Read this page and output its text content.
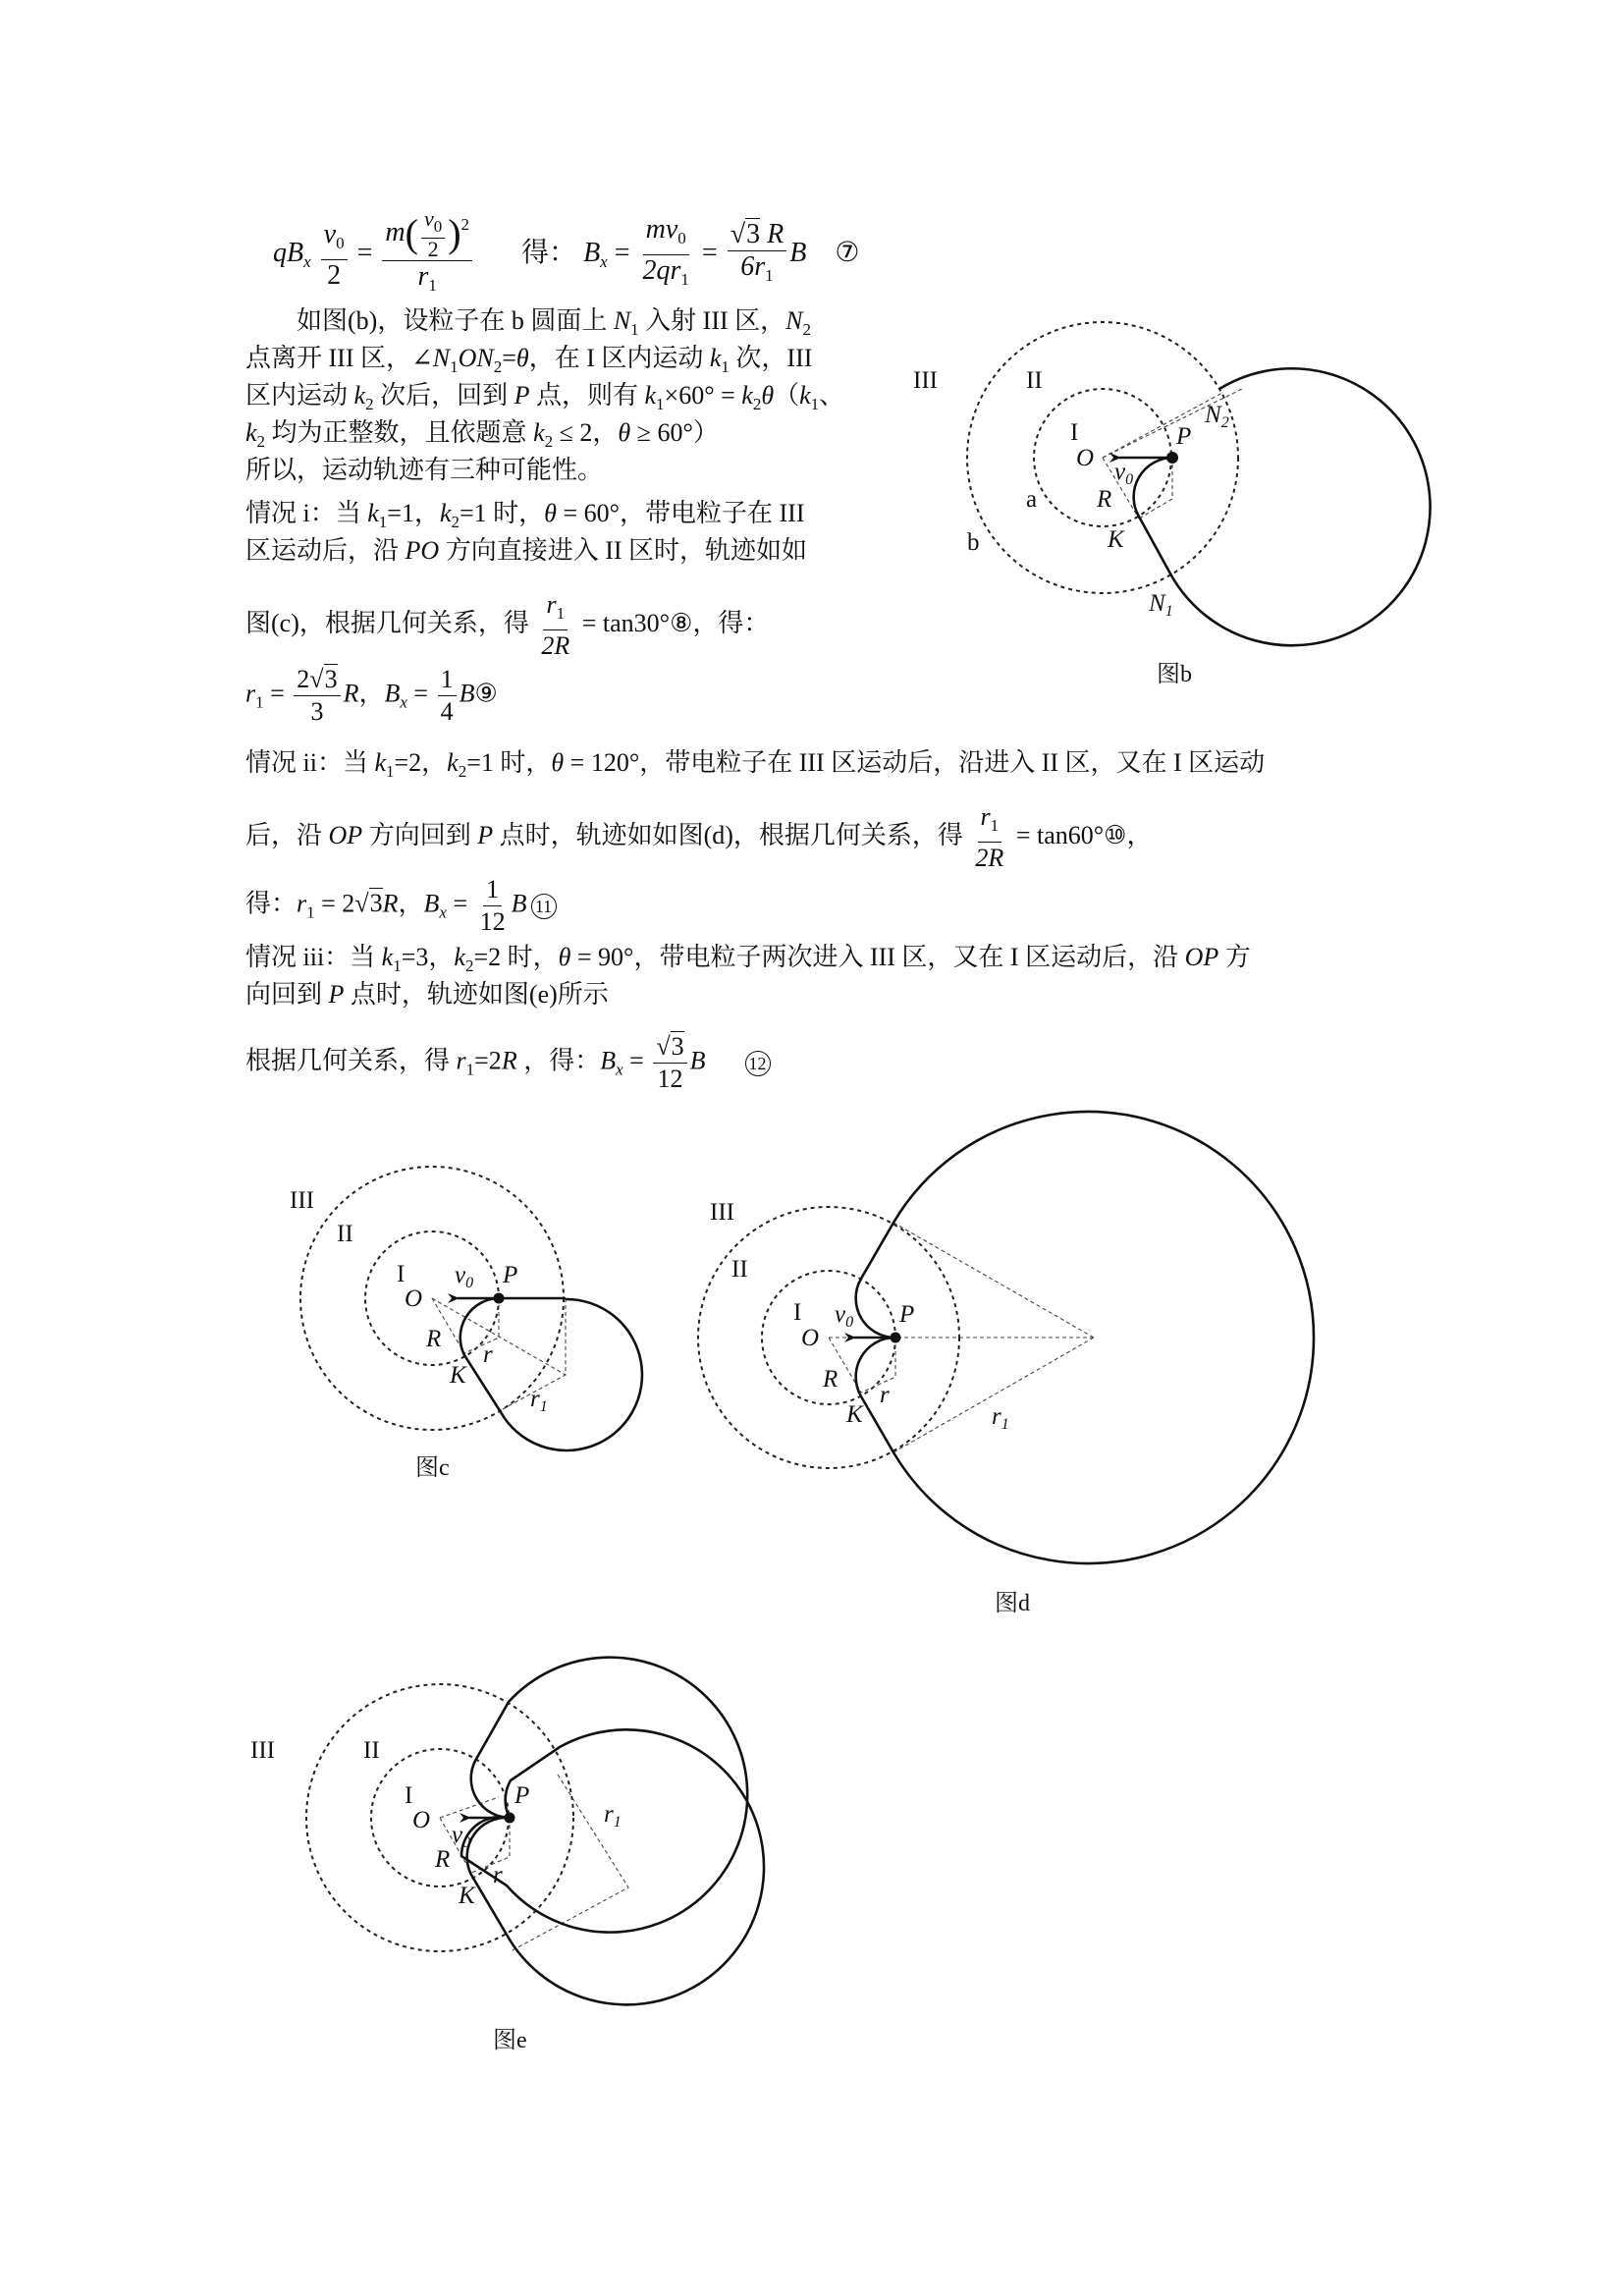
$qB_x \frac{v_0}{2} = \frac{m( \frac{v_0}{2} )^2}{r_1}$ 得： $B_x = \frac{mv_0}{2qr_1} = \frac{√3 R}{6r_1}$ B ⑦
如图(b)，设粒子在 b 圆面上 $N_1$ 入射 III 区，$N_2$
点离开 III 区，$\angle N_1ON_2=\theta$，在 I 区内运动 $k_1$ 次，III
区内运动 $k_2$ 次后，回到 P 点，则有 $k_1\times 60^\circ = k_2\theta(k_1$、
$k_2$ 均为正整数，且依题意 $k_2 \le 2$，θ ≥ 60°）
所以，运动轨迹有三种可能性。
情况 i：当 $k_1=1$，$k_2=1$ 时，θ = 60°，带电粒子在 III
区运动后，沿 PO 方向直接进入 II 区时，轨迹如如
图(c)，根据几何关系，得 $\frac{r_1}{2R}$ = tan30°⑧，得：
$r_1 = \frac{2√3}{3}$ R，$B_x = \frac{1}{4}$ B⑨
情况 ii：当 $k_1=2$，$k_2=1$ 时，θ = 120°，带电粒子在 III 区运动后，沿进入 II 区，又在 I 区运动
后，沿 OP 方向回到 P 点时，轨迹如如图(d)，根据几何关系，得 $\frac{r_1}{2R}$ = tan60°⑩，
得：$r_1 = 2√3R$，$B_x = \frac{1}{12}$ B 11
情况 iii：当 $k_1=3$，$k_2=2$ 时，θ = 90°，带电粒子两次进入 III 区，又在 I 区运动后，沿 OP 方
向回到 P 点时，轨迹如图(e)所示
根据几何关系，得 $r_1=2R$ ，得：$B_x = \frac{√3}{12}$ B 12
III	II
I
O
P
$v_0$
R
a
b	K
$N_1$
$N_2$
图b
III
II
I
O
P
$v_0$
R
r
K
$r_1$
图c
III
II
I
O
P
$v_0$
R
r
K	$r_1$
图d
III	II
I
O
P
$v_0$
R
r
K
$r_1$
图e
